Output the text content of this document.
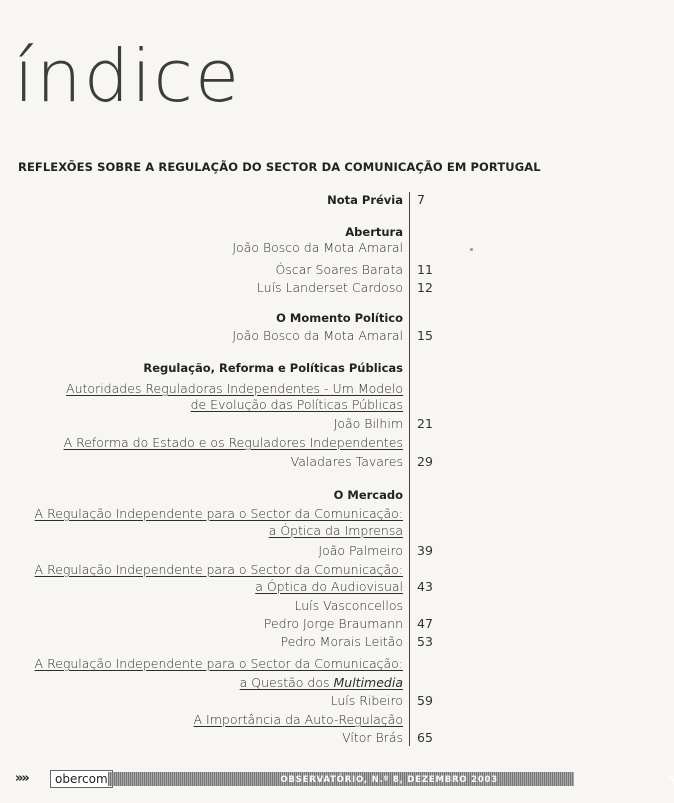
índice
REFLEXÕES SOBRE A REGULAÇÃO DO SECTOR DA COMUNICAÇÃO EM PORTUGAL
Nota Prévia 7
Abertura
João Bosco da Mota Amaral
Óscar Soares Barata 11
Luís Landerset Cardoso 12
O Momento Político
João Bosco da Mota Amaral 15
Regulação, Reforma e Políticas Públicas
Autoridades Reguladoras Independentes - Um Modelo
de Evolução das Políticas Públicas
João Bilhim 21
A Reforma do Estado e os Reguladores Independentes
Valadares Tavares 29
O Mercado
A Regulação Independente para o Sector da Comunicação:
a Óptica da Imprensa
João Palmeiro 39
A Regulação Independente para o Sector da Comunicação:
a Óptica do Audiovisual 43
Luís Vasconcellos
Pedro Jorge Braumann 47
Pedro Morais Leitão 53
A Regulação Independente para o Sector da Comunicação:
a Questão dos Multimedia
Luís Ribeiro 59
A Importância da Auto-Regulação
Vítor Brás 65
»»	obercom	OBSERVATÓRIO, N.º 8, DEZEMBRO 2003	5
